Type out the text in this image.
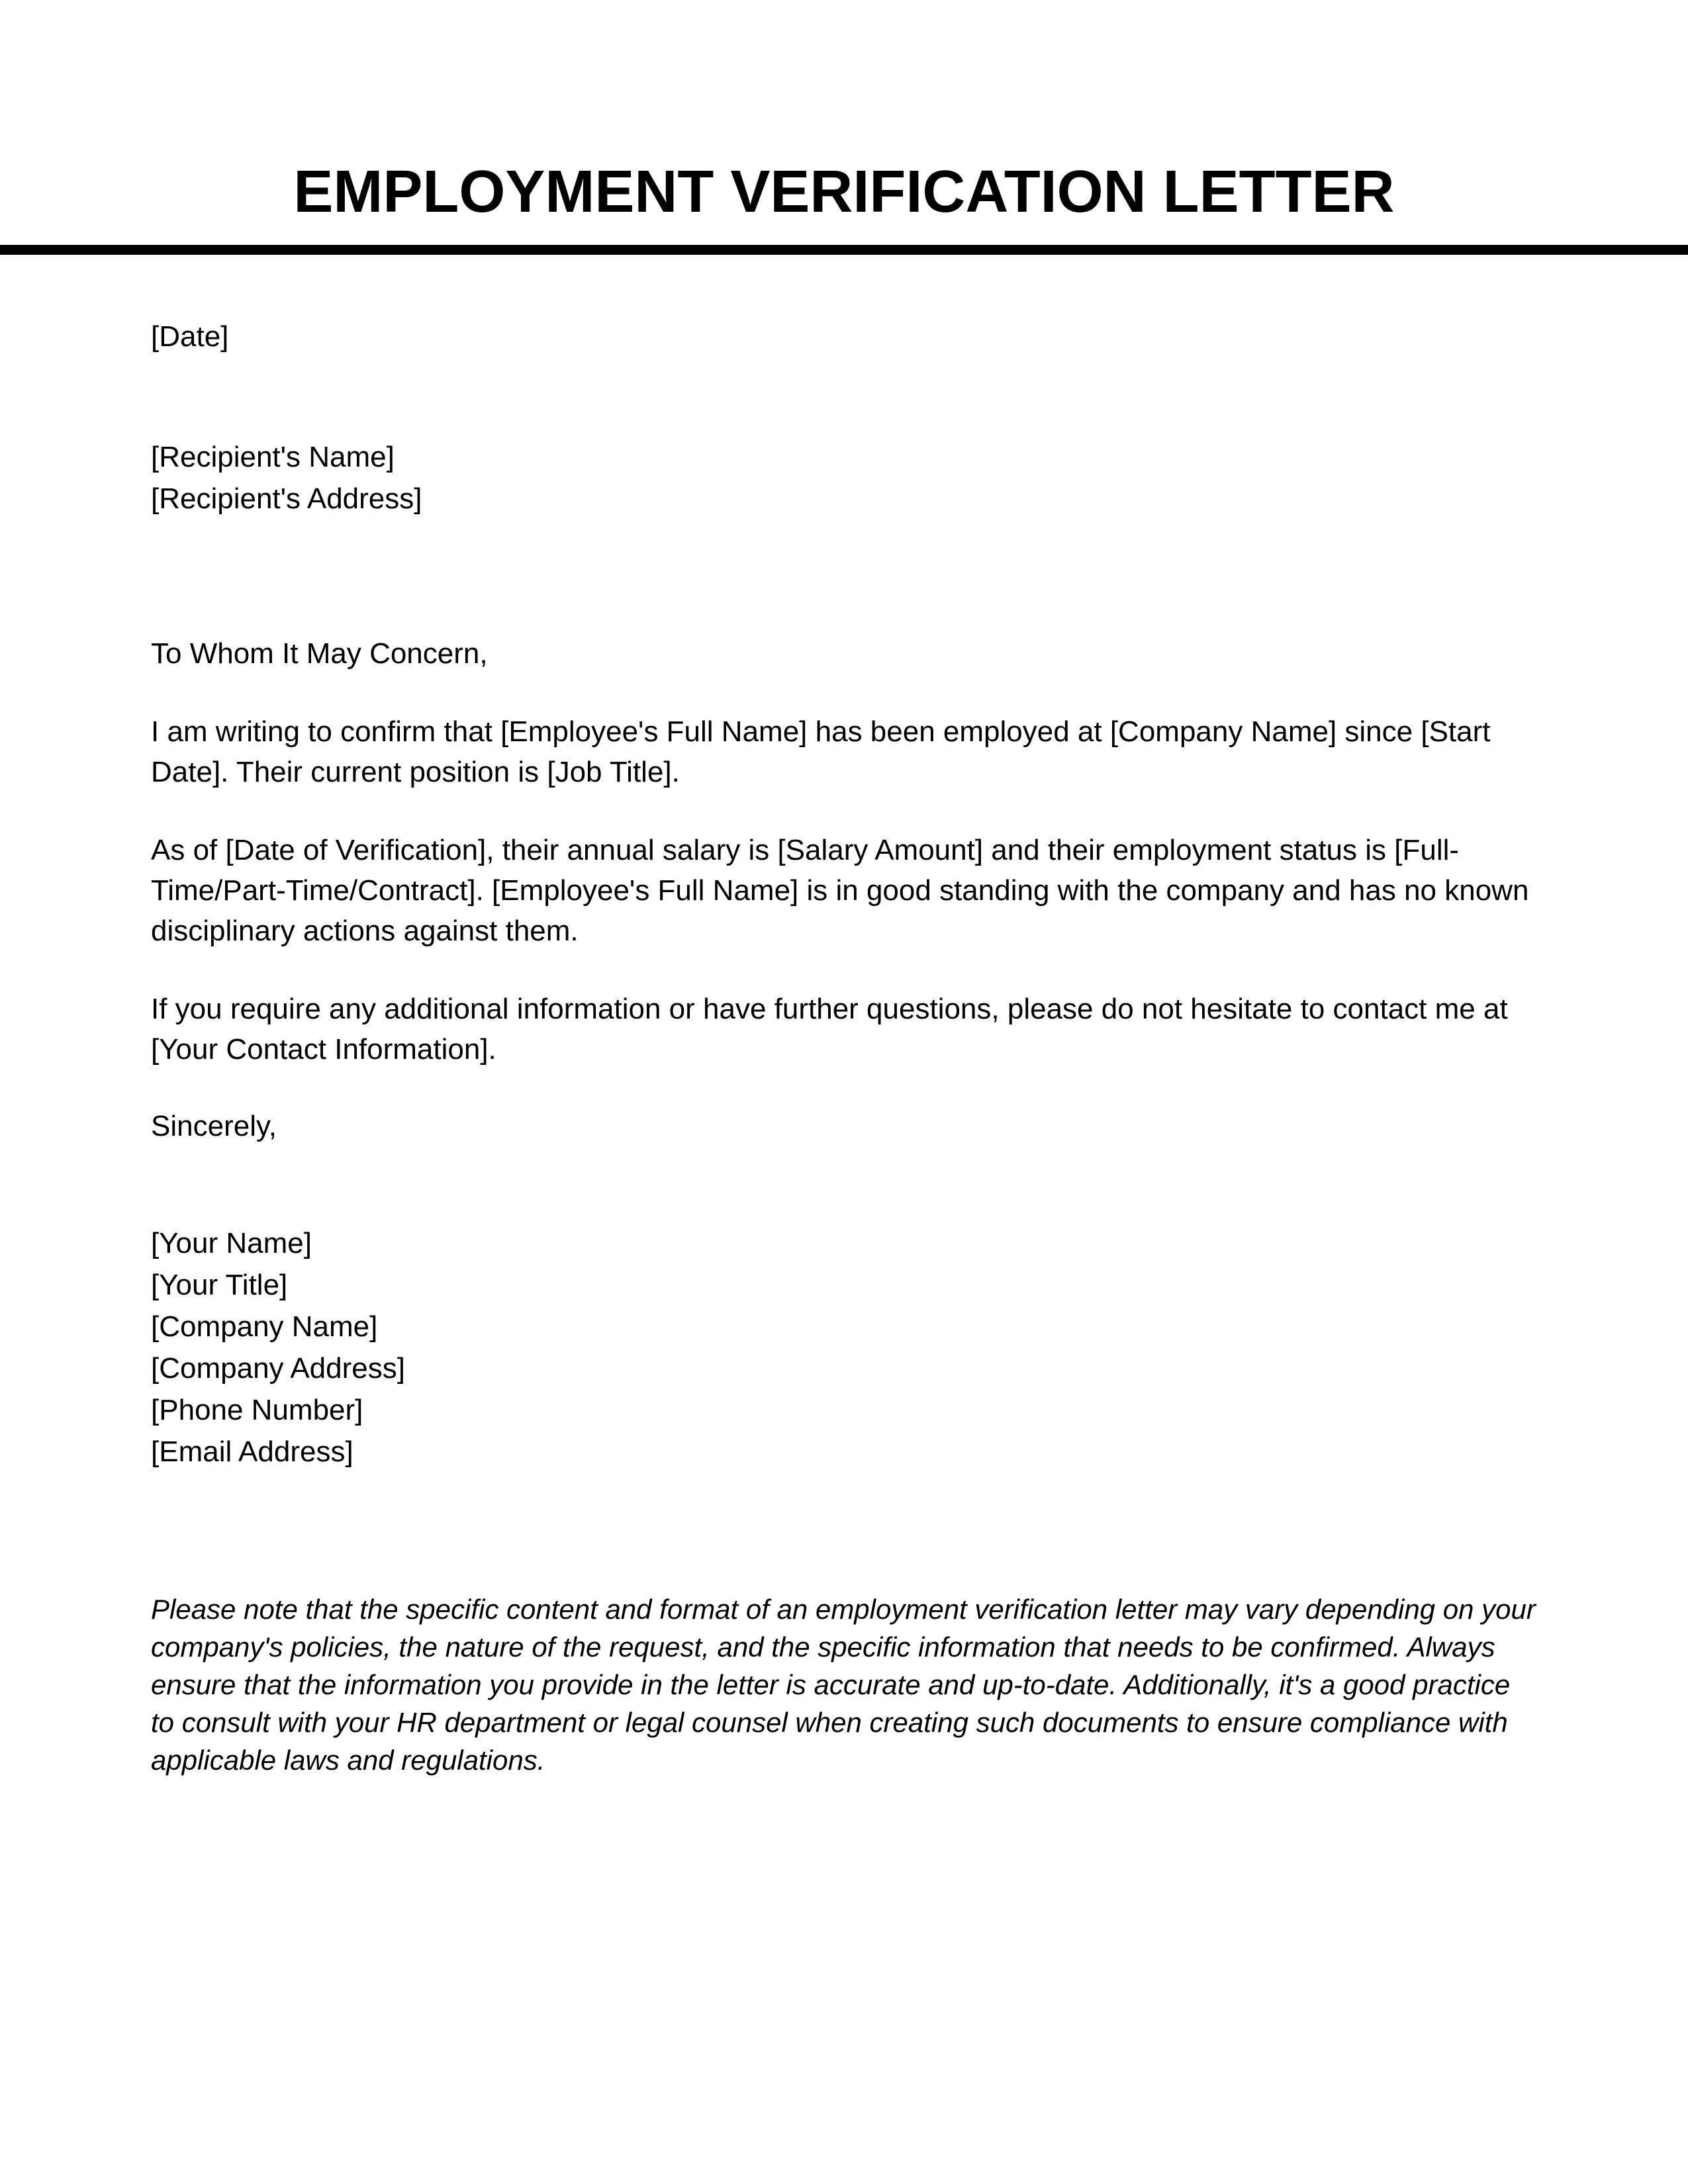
EMPLOYMENT VERIFICATION LETTER

[Date]

[Recipient's Name]

[Recipient's Address]

To Whom It May Concern,

I am writing to confirm that [Employee's Full Name] has been employed at [Company Name] since [Start Date]. Their current position is [Job Title].

As of [Date of Verification], their annual salary is [Salary Amount] and their employment status is [Full-Time/Part-Time/Contract]. [Employee's Full Name] is in good standing with the company and has no known disciplinary actions against them.

If you require any additional information or have further questions, please do not hesitate to contact me at [Your Contact Information].

Sincerely,

[Your Name]

[Your Title]

[Company Name]

[Company Address]

[Phone Number]

[Email Address]

Please note that the specific content and format of an employment verification letter may vary depending on your company's policies, the nature of the request, and the specific information that needs to be confirmed. Always ensure that the information you provide in the letter is accurate and up-to-date. Additionally, it's a good practice to consult with your HR department or legal counsel when creating such documents to ensure compliance with applicable laws and regulations.
